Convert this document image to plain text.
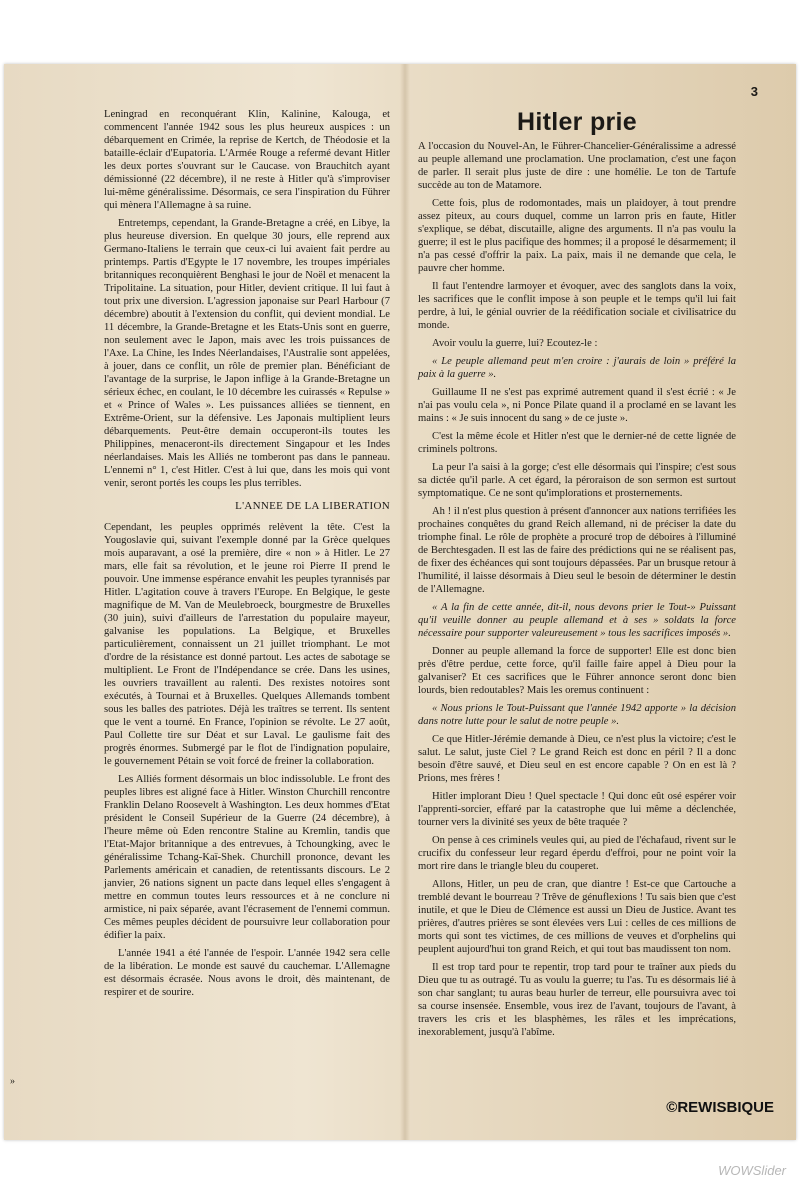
3

Leningrad en reconquérant Klin, Kalinine, Kalouga, et commencent l'année 1942 sous les plus heureux auspices : un débarquement en Crimée, la reprise de Kertch, de Théodosie et la bataille-éclair d'Eupatoria. L'Armée Rouge a refermé devant Hitler les deux portes s'ouvrant sur le Caucase. von Brauchitch ayant démissionné (22 décembre), il ne reste à Hitler qu'à s'improviser lui-même généralissime. Désormais, ce sera l'inspiration du Führer qui mènera l'Allemagne à sa ruine.

Entretemps, cependant, la Grande-Bretagne a créé, en Libye, la plus heureuse diversion. En quelque 30 jours, elle reprend aux Germano-Italiens le terrain que ceux-ci lui avaient fait perdre au printemps. Partis d'Egypte le 17 novembre, les troupes impériales britanniques reconquièrent Benghasi le jour de Noël et menacent la Tripolitaine. La situation, pour Hitler, devient critique. Il lui faut à tout prix une diversion. L'agression japonaise sur Pearl Harbour (7 décembre) aboutit à l'extension du conflit, qui devient mondial. Le 11 décembre, la Grande-Bretagne et les Etats-Unis sont en guerre, non seulement avec le Japon, mais avec les trois puissances de l'Axe. La Chine, les Indes Néerlandaises, l'Australie sont appelées, à jouer, dans ce conflit, un rôle de premier plan. Bénéficiant de l'avantage de la surprise, le Japon inflige à la Grande-Bretagne un sérieux échec, en coulant, le 10 décembre les cuirassés « Repulse » et « Prince of Wales ». Les puissances alliées se tiennent, en Extrême-Orient, sur la défensive. Les Japonais multiplient leurs débarquements. Peut-être demain occuperont-ils toutes les Philippines, menaceront-ils directement Singapour et les Indes néerlandaises. Mais les Alliés ne tomberont pas dans le panneau. L'ennemi n° 1, c'est Hitler. C'est à lui que, dans les mois qui vont venir, seront portés les coups les plus terribles.

L'ANNEE DE LA LIBERATION

Cependant, les peuples opprimés relèvent la tête. C'est la Yougoslavie qui, suivant l'exemple donné par la Grèce quelques mois auparavant, a osé la première, dire « non » à Hitler. Le 27 mars, elle fait sa révolution, et le jeune roi Pierre II prend le pouvoir. Une immense espérance envahit les peuples tyrannisés par Hitler. L'agitation couve à travers l'Europe. En Belgique, le geste magnifique de M. Van de Meulebroeck, bourgmestre de Bruxelles (30 juin), suivi d'ailleurs de l'arrestation du populaire mayeur, galvanise les populations. La Belgique, et Bruxelles particulièrement, connaissent un 21 juillet triomphant. Le mot d'ordre de la résistance est donné partout. Les actes de sabotage se multiplient. Le Front de l'Indépendance se crée. Dans les usines, les ouvriers travaillent au ralenti. Des rexistes notoires sont exécutés, à Tournai et à Bruxelles. Quelques Allemands tombent sous les balles des patriotes. Déjà les traîtres se terrent. Ils sentent que le vent a tourné. En France, l'opinion se révolte. Le 27 août, Paul Collette tire sur Déat et sur Laval. Le gaulisme fait des progrès énormes. Submergé par le flot de l'indignation populaire, le gouvernement Pétain se voit forcé de freiner la collaboration.

Les Alliés forment désormais un bloc indissoluble. Le front des peuples libres est aligné face à Hitler. Winston Churchill rencontre Franklin Delano Roosevelt à Washington. Les deux hommes d'Etat président le Conseil Supérieur de la Guerre (24 décembre), à l'heure même où Eden rencontre Staline au Kremlin, tandis que l'Etat-Major britannique a des entrevues, à Tchoungking, avec le généralissime Tchang-Kaï-Shek. Churchill prononce, devant les Parlements américain et canadien, de retentissants discours. Le 2 janvier, 26 nations signent un pacte dans lequel elles s'engagent à mettre en commun toutes leurs ressources et à ne conclure ni armistice, ni paix séparée, avant l'écrasement de l'ennemi commun. Ces mêmes peuples décident de poursuivre leur collaboration pour édifier la paix.

L'année 1941 a été l'année de l'espoir. L'année 1942 sera celle de la libération. Le monde est sauvé du cauchemar. L'Allemagne est désormais écrasée. Nous avons le droit, dès maintenant, de respirer et de sourire.

Hitler prie

A l'occasion du Nouvel-An, le Führer-Chancelier-Généralissime a adressé au peuple allemand une proclamation. Une proclamation, c'est une façon de parler. Il serait plus juste de dire : une homélie. Le ton de Tartufe succède au ton de Matamore.

Cette fois, plus de rodomontades, mais un plaidoyer, à tout prendre assez piteux, au cours duquel, comme un larron pris en faute, Hitler s'explique, se débat, discutaille, aligne des arguments. Il n'a pas voulu la guerre; il est le plus pacifique des hommes; il a proposé le désarmement; il n'a pas cessé d'offrir la paix. La paix, mais il ne demande que cela, le pauvre cher homme.

Il faut l'entendre larmoyer et évoquer, avec des sanglots dans la voix, les sacrifices que le conflit impose à son peuple et le temps qu'il lui fait perdre, à lui, le génial ouvrier de la réédification sociale et civilisatrice du monde.

Avoir voulu la guerre, lui? Ecoutez-le :

« Le peuple allemand peut m'en croire : j'aurais de loin » préféré la paix à la guerre ».

Guillaume II ne s'est pas exprimé autrement quand il s'est écrié : « Je n'ai pas voulu cela », ni Ponce Pilate quand il a proclamé en se lavant les mains : « Je suis innocent du sang » de ce juste ».

C'est la même école et Hitler n'est que le dernier-né de cette lignée de criminels poltrons.

La peur l'a saisi à la gorge; c'est elle désormais qui l'inspire; c'est sous sa dictée qu'il parle. A cet égard, la péroraison de son sermon est surtout symptomatique. Ce ne sont qu'implorations et prosternements.

Ah ! il n'est plus question à présent d'annoncer aux nations terrifiées les prochaines conquêtes du grand Reich allemand, ni de préciser la date du triomphe final. Le rôle de prophète a procuré trop de déboires à l'illuminé de Berchtesgaden. Il est las de faire des prédictions qui ne se réalisent pas, de fixer des échéances qui sont toujours dépassées. Par un brusque retour à l'humilité, il laisse désormais à Dieu seul le besoin de déterminer le destin de l'Allemagne.

« A la fin de cette année, dit-il, nous devons prier le Tout-» Puissant qu'il veuille donner au peuple allemand et à ses » soldats la force nécessaire pour supporter valeureusement » tous les sacrifices imposés ».

Donner au peuple allemand la force de supporter! Elle est donc bien près d'être perdue, cette force, qu'il faille faire appel à Dieu pour la galvaniser? Et ces sacrifices que le Führer annonce seront donc bien lourds, bien redoutables? Mais les oremus continuent :

« Nous prions le Tout-Puissant que l'année 1942 apporte » la décision dans notre lutte pour le salut de notre peuple ».

Ce que Hitler-Jérémie demande à Dieu, ce n'est plus la victoire; c'est le salut. Le salut, juste Ciel ? Le grand Reich est donc en péril ? Il a donc besoin d'être sauvé, et Dieu seul en est encore capable ? On en est là ? Prions, mes frères !

Hitler implorant Dieu ! Quel spectacle ! Qui donc eût osé espérer voir l'apprenti-sorcier, effaré par la catastrophe que lui même a déclenchée, tourner vers la divinité ses yeux de bête traquée ?

On pense à ces criminels veules qui, au pied de l'échafaud, rivent sur le crucifix du confesseur leur regard éperdu d'effroi, pour ne point voir la mort rire dans le triangle bleu du couperet.

Allons, Hitler, un peu de cran, que diantre ! Est-ce que Cartouche a tremblé devant le bourreau ? Trêve de génuflexions ! Tu sais bien que c'est inutile, et que le Dieu de Clémence est aussi un Dieu de Justice. Avant tes prières, d'autres prières se sont élevées vers Lui : celles de ces millions de morts qui sont tes victimes, de ces millions de veuves et d'orphelins qui peuplent aujourd'hui ton grand Reich, et qui tout bas maudissent ton nom.

Il est trop tard pour te repentir, trop tard pour te traîner aux pieds du Dieu que tu as outragé. Tu as voulu la guerre; tu l'as. Tu es désormais lié à son char sanglant; tu auras beau hurler de terreur, elle poursuivra avec toi sa course insensée. Ensemble, vous irez de l'avant, toujours de l'avant, à travers les cris et les blasphèmes, les râles et les imprécations, inexorablement, jusqu'à l'abîme.

»
©REWISBIQUE
WOWSlider
